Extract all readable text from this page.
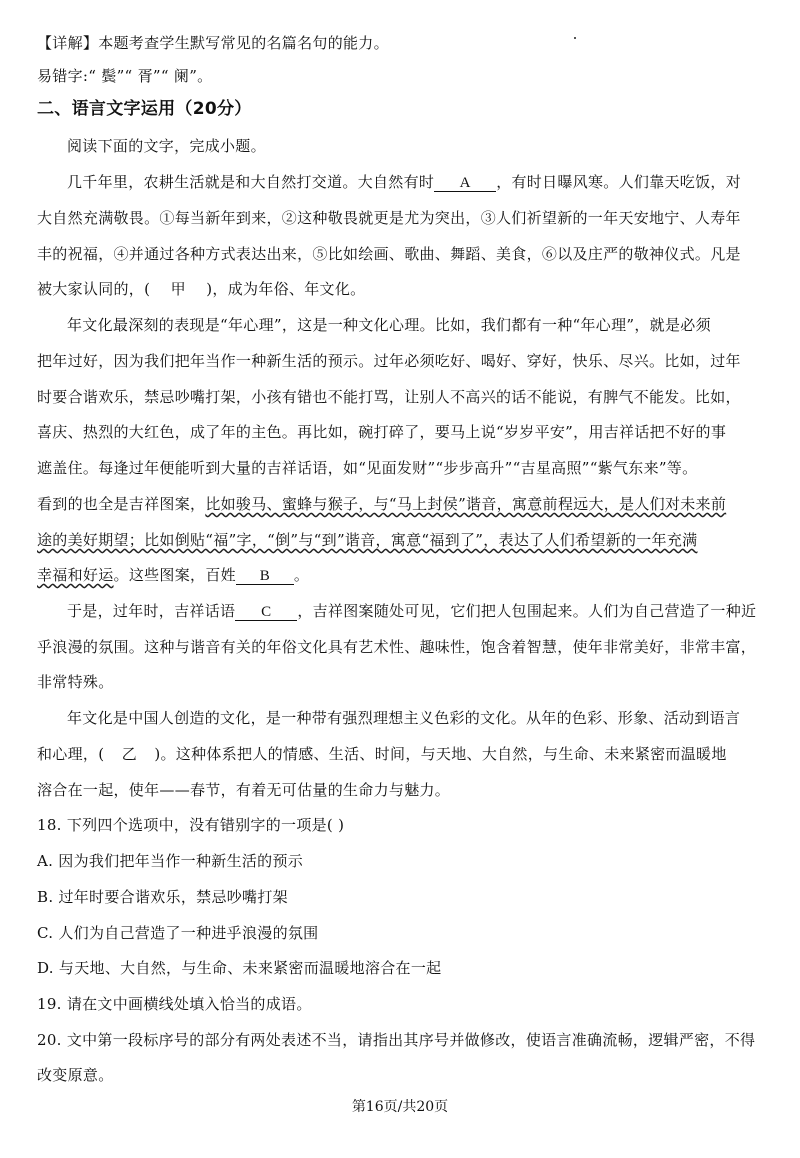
【详解】本题考查学生默写常见的名篇名句的能力。
易错字:“ 鬓”“ 胥”“ 阑”。
二、语言文字运用（20分）
阅读下面的文字，完成小题。
几千年里，农耕生活就是和大自然打交道。大自然有时 A ，有时日曝风寒。人们靠天吃饭，对
大自然充满敬畏。①每当新年到来，②这种敬畏就更是尤为突出，③人们祈望新的一年天安地宁、人寿年
丰的祝福，④并通过各种方式表达出来，⑤比如绘画、歌曲、舞蹈、美食，⑥以及庄严的敬神仪式。凡是
被大家认同的，( 甲 )，成为年俗、年文化。
年文化最深刻的表现是“年心理”，这是一种文化心理。比如，我们都有一种“年心理”，就是必须
把年过好，因为我们把年当作一种新生活的预示。过年必须吃好、喝好、穿好，快乐、尽兴。比如，过年
时要合谐欢乐，禁忌吵嘴打架，小孩有错也不能打骂，让别人不高兴的话不能说，有脾气不能发。比如，
喜庆、热烈的大红色，成了年的主色。再比如，碗打碎了，要马上说“岁岁平安”，用吉祥话把不好的事
遮盖住。每逢过年便能听到大量的吉祥话语，如“见面发财”“步步高升”“吉星高照”“紫气东来”等。
看到的也全是吉祥图案，比如骏马、蜜蜂与猴子，与“马上封侯”谐音，寓意前程远大，是人们对未来前
途的美好期望；比如倒贴“福”字，“倒”与“到”谐音，寓意“福到了”，表达了人们希望新的一年充满
幸福和好运。这些图案，百姓 B 。
于是，过年时，吉祥话语 C ，吉祥图案随处可见，它们把人包围起来。人们为自己营造了一种近
乎浪漫的氛围。这种与谐音有关的年俗文化具有艺术性、趣味性，饱含着智慧，使年非常美好，非常丰富，
非常特殊。
年文化是中国人创造的文化，是一种带有强烈理想主义色彩的文化。从年的色彩、形象、活动到语言
和心理，( 乙 )。这种体系把人的情感、生活、时间，与天地、大自然，与生命、未来紧密而温暖地
溶合在一起，使年——春节，有着无可估量的生命力与魅力。
18. 下列四个选项中，没有错别字的一项是( )
A. 因为我们把年当作一种新生活的预示
B. 过年时要合谐欢乐，禁忌吵嘴打架
C. 人们为自己营造了一种进乎浪漫的氛围
D. 与天地、大自然，与生命、未来紧密而温暖地溶合在一起
19. 请在文中画横线处填入恰当的成语。
20. 文中第一段标序号的部分有两处表述不当，请指出其序号并做修改，使语言准确流畅，逻辑严密，不得
改变原意。
第16页/共20页
